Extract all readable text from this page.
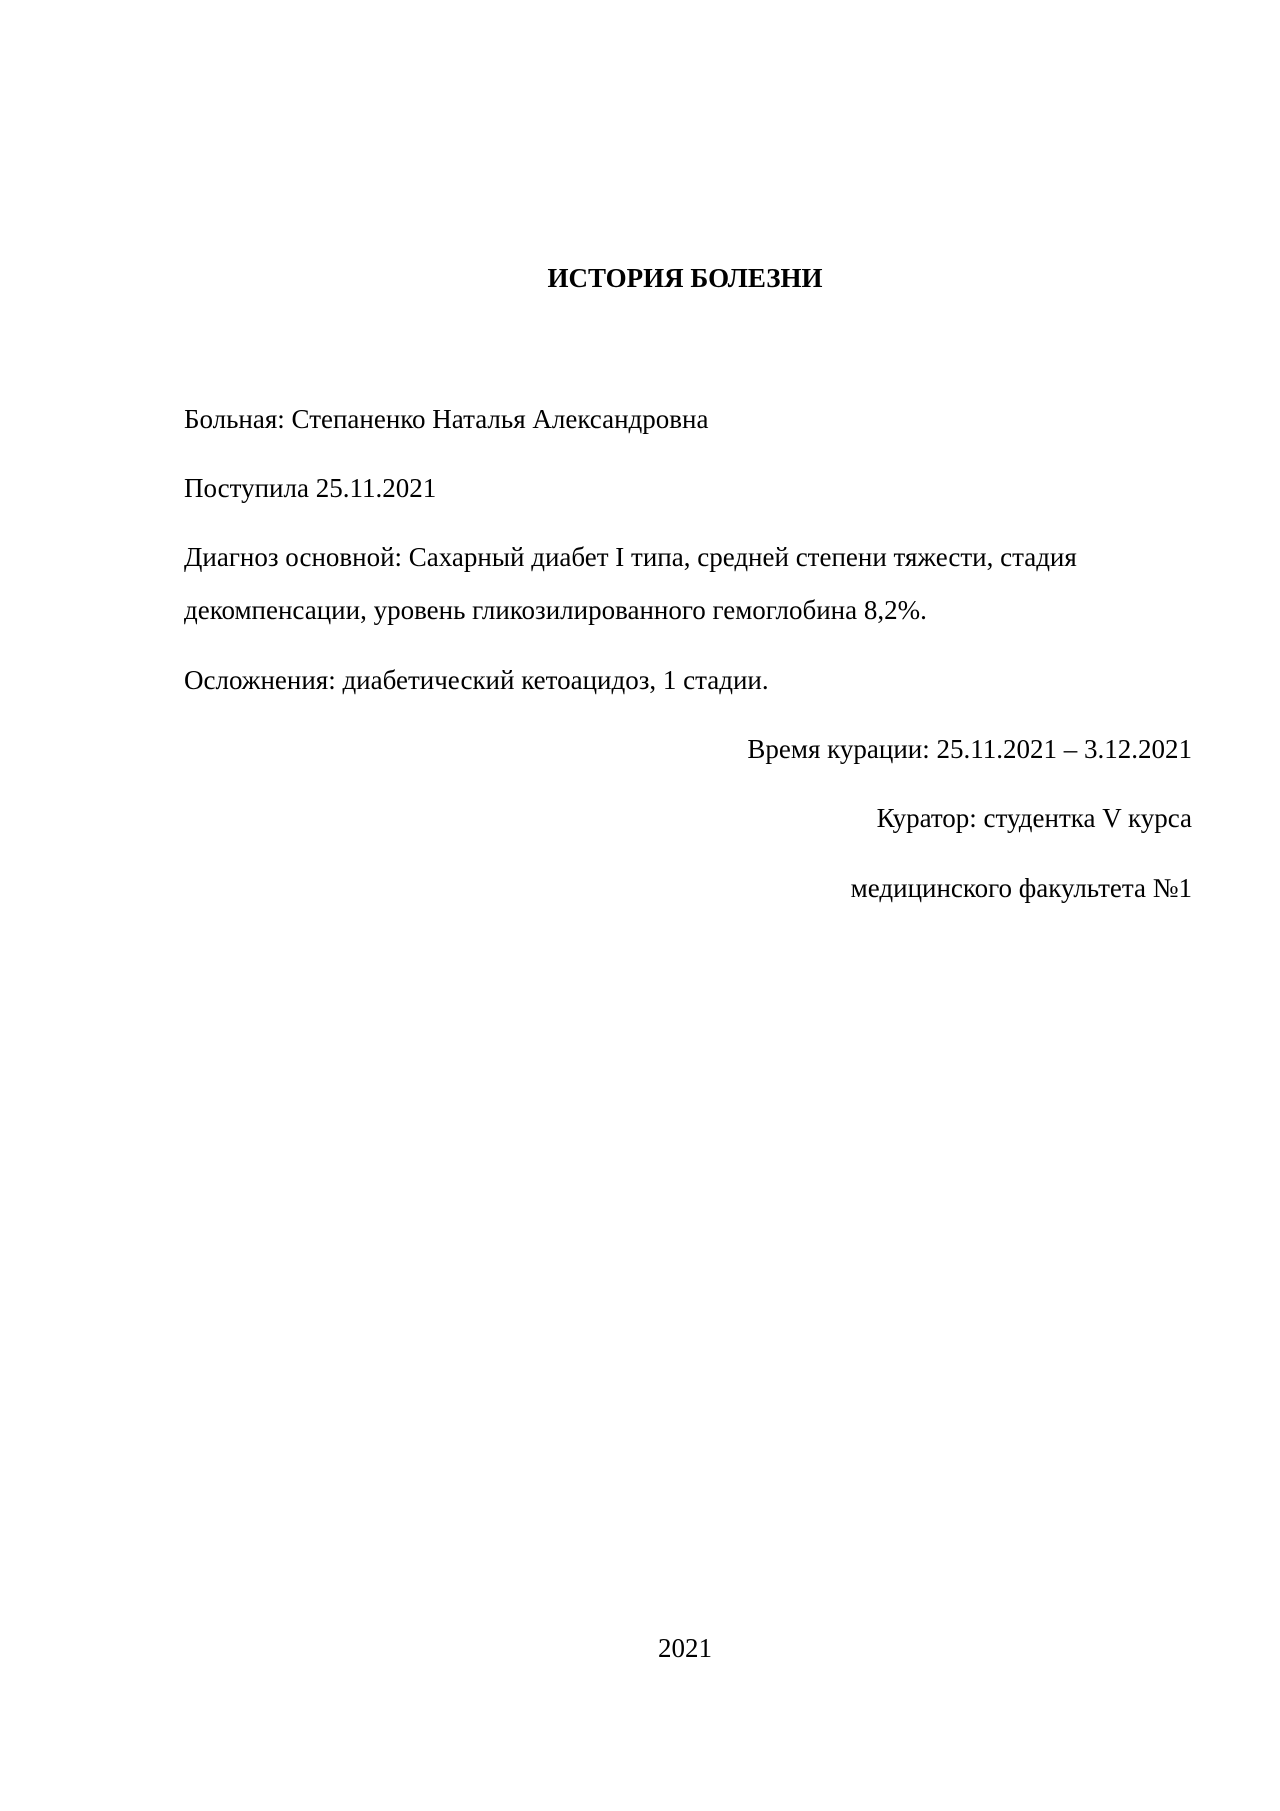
ИСТОРИЯ БОЛЕЗНИ
Больная: Степаненко Наталья Александровна
Поступила 25.11.2021
Диагноз основной: Сахарный диабет I типа, средней степени тяжести, стадия
декомпенсации, уровень гликозилированного гемоглобина 8,2%.
Осложнения: диабетический кетоацидоз, 1 стадии.
Время курации: 25.11.2021 – 3.12.2021
Куратор: студентка V курса
медицинского факультета №1
2021
